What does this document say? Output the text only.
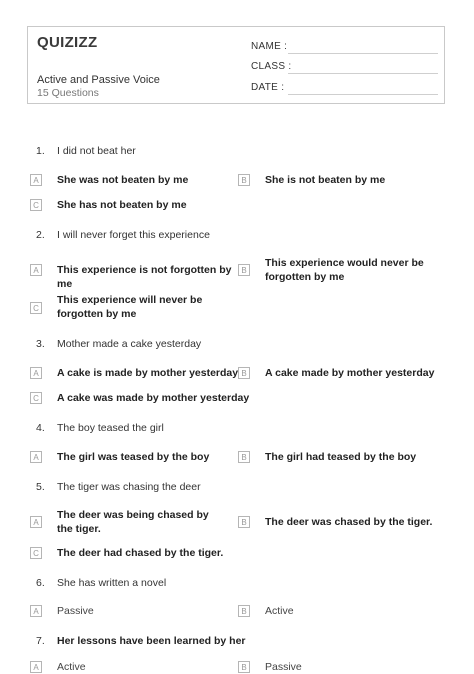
QUIZIZZ
Active and Passive Voice
15 Questions
NAME :
CLASS :
DATE :
1. I did not beat her
A	She was not beaten by me	B	She is not beaten by me
C She has not beaten by me
2. I will never forget this experience
A	This experience is not forgotten by me
B
This experience would never be forgotten by me
C
This experience will never be forgotten by me
3. Mother made a cake yesterday
A	A cake is made by mother yesterday B	A cake made by mother yesterday
C A cake was made by mother yesterday
4. The boy teased the girl
A	The girl was teased by the boy	B	The girl had teased by the boy
5. The tiger was chasing the deer
A
The deer was being chased by the tiger.
B	The deer was chased by the tiger.
C The deer had chased by the tiger.
6. She has written a novel
A	Passive	B	Active
7. Her lessons have been learned by her
A	Active	B	Passive
